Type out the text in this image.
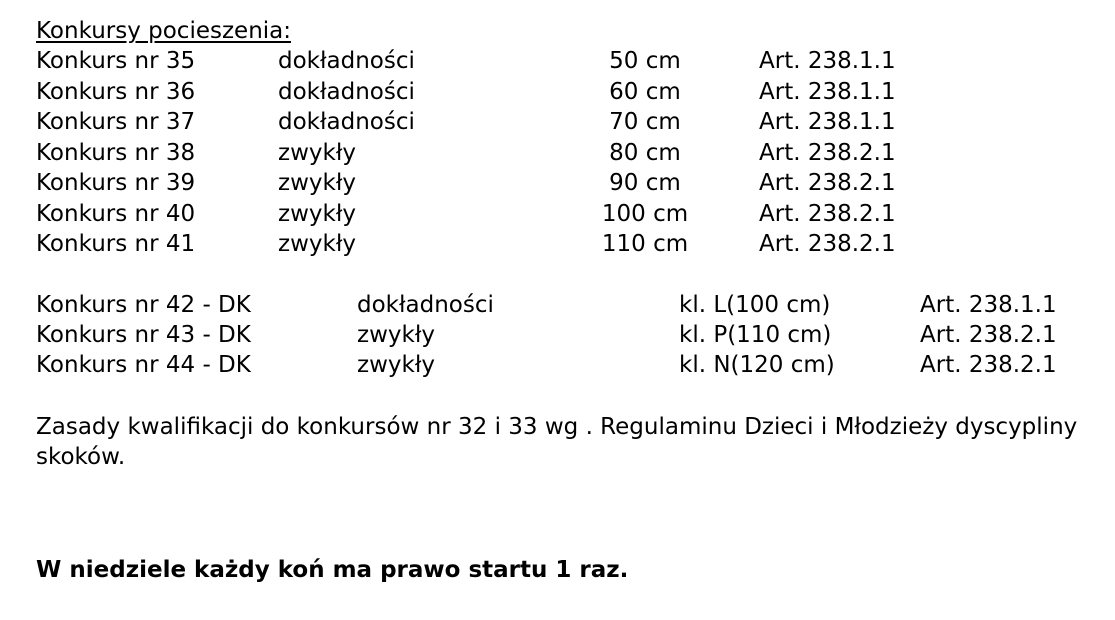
Konkursy pocieszenia:
Konkurs nr 35	dokładności	50 cm	Art. 238.1.1
Konkurs nr 36	dokładności	60 cm	Art. 238.1.1
Konkurs nr 37	dokładności	70 cm	Art. 238.1.1
Konkurs nr 38	zwykły	80 cm	Art. 238.2.1
Konkurs nr 39	zwykły	90 cm	Art. 238.2.1
Konkurs nr 40	zwykły	100 cm	Art. 238.2.1
Konkurs nr 41	zwykły	110 cm	Art. 238.2.1
Konkurs nr 42 - DK	dokładności	kl. L(100 cm)	Art. 238.1.1
Konkurs nr 43 - DK	zwykły	kl. P(110 cm)	Art. 238.2.1
Konkurs nr 44 - DK	zwykły	kl. N(120 cm)	Art. 238.2.1
Zasady kwalifikacji do konkursów nr 32 i 33 wg . Regulaminu Dzieci i Młodzieży dyscypliny skoków.
W niedziele każdy koń ma prawo startu 1 raz.
